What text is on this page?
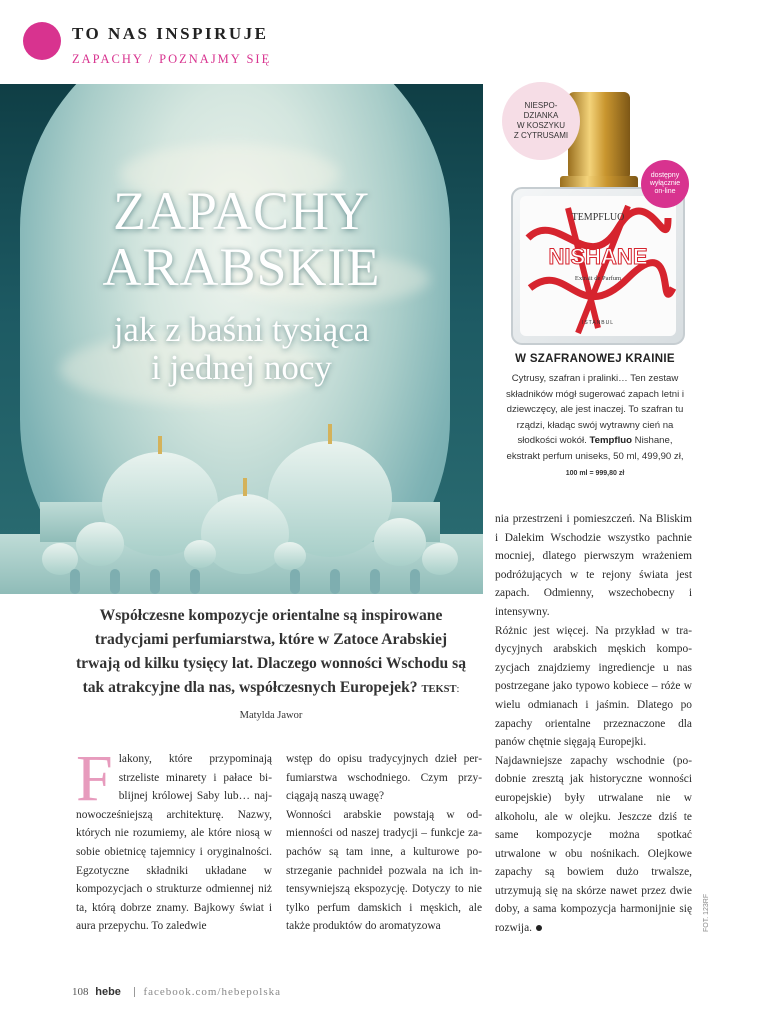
TO NAS INSPIRUJE
ZAPACHY / POZNAJMY SIĘ
ZAPACHY
ARABSKIE
jak z baśni tysiąca
i jednej nocy
TEMPFLUO
NISHANE
Extrait de Parfum
ISTANBUL
NIESPO-
DZIANKA
W KOSZYKU
Z CYTRUSAMI
dostępny
wyłącznie
on-line
W SZAFRANOWEJ KRAINIE
Cytrusy, szafran i pralinki… Ten zestaw składników mógł sugerować zapach letni i dziewczęcy, ale jest inaczej. To szafran tu rządzi, kładąc swój wytrawny cień na słodkości wokół. Tempfluo Nishane, ekstrakt perfum uniseks, 50 ml, 499,90 zł, 100 ml = 999,80 zł
Współczesne kompozycje orientalne są inspirowane tradycjami perfumiarstwa, które w Zatoce Arabskiej trwają od kilku tysięcy lat. Dlaczego wonności Wschodu są tak atrakcyjne dla nas, współczesnych Europejek? TEKST: Matylda Jawor
F lakony, które przypominają strzeliste minarety i pałace biblijnej królowej Saby lub… najnowocześniejszą architekturę. Nazwy, których nie rozumiemy, ale które niosą w sobie obietnicę tajemnicy i oryginalności. Egzotyczne składniki układane w kompozycjach o strukturze odmiennej niż ta, którą dobrze znamy. Bajkowy świat i aura przepychu. To zaledwie

wstęp do opisu tradycyjnych dzieł perfumiarstwa wschodniego. Czym przyciągają naszą uwagę?

Wonności arabskie powstają w odmienności od naszej tradycji – funkcje zapachów są tam inne, a kulturowe postrzeganie pachnideł pozwala na ich intensywniejszą ekspozycję. Dotyczy to nie tylko perfum damskich i męskich, ale także produktów do aromatyzowa

nia przestrzeni i pomieszczeń. Na Bliskim i Dalekim Wschodzie wszystko pachnie mocniej, dlatego pierwszym wrażeniem podróżujących w te rejony świata jest zapach. Odmienny, wszechobecny i intensywny.

Różnic jest więcej. Na przykład w tradycyjnych arabskich męskich kompozycjach znajdziemy ingrediencje u nas postrzegane jako typowo kobiece – róże w wielu odmianach i jaśmin. Dlatego po zapachy orientalne przeznaczone dla panów chętnie sięgają Europejki.

Najdawniejsze zapachy wschodnie (podobnie zresztą jak historyczne wonności europejskie) były utrwalane nie w alkoholu, ale w olejku. Jeszcze dziś te same kompozycje można spotkać utrwalone w obu nośnikach. Olejkowe zapachy są bowiem dużo trwalsze, utrzymują się na skórze nawet przez dwie doby, a sama kompozycja harmonijnie się rozwija.	FOT. 123RF
108 hebe facebook.com/hebepolska
